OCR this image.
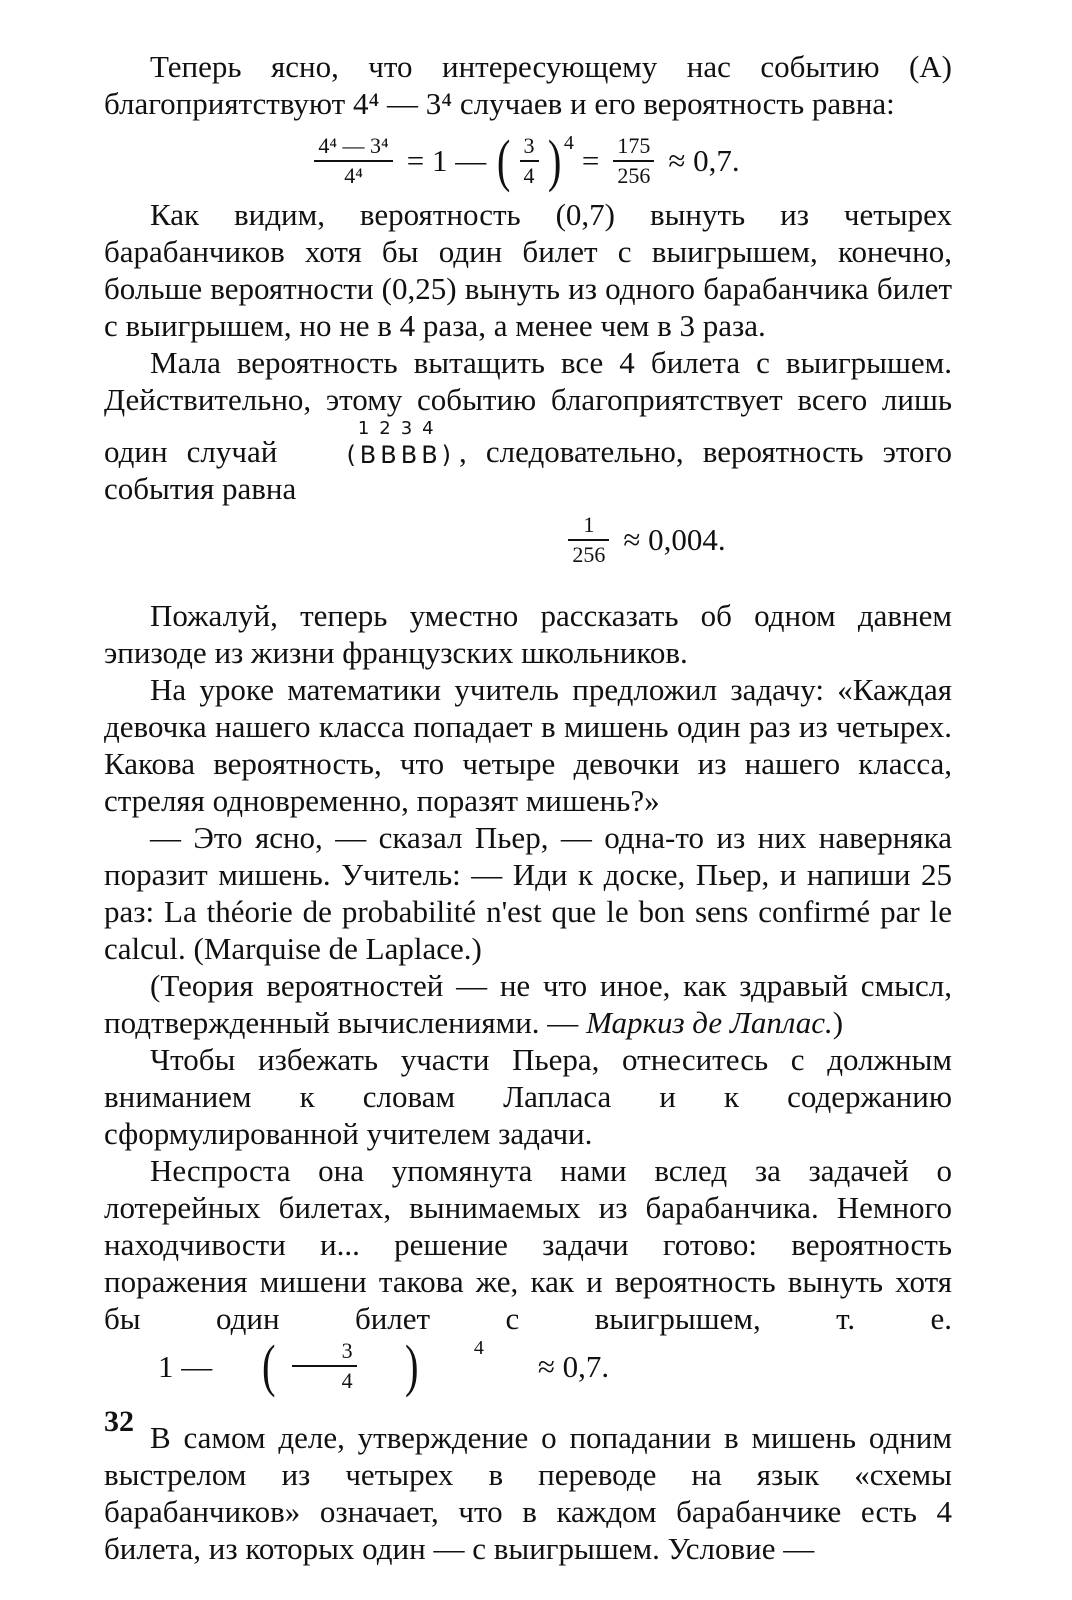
Теперь ясно, что интересующему нас событию (A) благоприятствуют 4⁴ — 3⁴ случаев и его вероятность равна:

$\frac{\text{4⁴ — 3⁴}}{\text{4⁴}} = 1$ — ( $\frac{3}{4}$ ) 4
= $\frac{175}{256} \approx 0,7$.

Как видим, вероятность (0,7) вынуть из четырех барабанчиков хотя бы один билет с выигрышем, конечно, больше вероятности (0,25) вынуть из одного барабанчика билет с выигрышем, но не в 4 раза, а менее чем в 3 раза.

Мала вероятность вытащить все 4 билета с выигрышем. Действительно, этому событию благоприятствует всего лишь один случай
1234
(BBBB) , следовательно, вероятность этого события равна

$\frac{1}{256} \approx 0,004$.

Пожалуй, теперь уместно рассказать об одном давнем эпизоде из жизни французских школьников.

На уроке математики учитель предложил задачу: «Каждая девочка нашего класса попадает в мишень один раз из четырех. Какова вероятность, что четыре девочки из нашего класса, стреляя одновременно, поразят мишень?»

— Это ясно, — сказал Пьер, — одна-то из них наверняка поразит мишень. Учитель: — Иди к доске, Пьер, и напиши 25 раз: La théorie de probabilité n'est que le bon sens confirmé par le calcul. (Marquise de Laplace.)

(Теория вероятностей — не что иное, как здравый смысл, подтвержденный вычислениями. — Маркиз де Лаплас.)

Чтобы избежать участи Пьера, отнеситесь с должным вниманием к словам Лапласа и к содержанию сформулированной учителем задачи.

Неспроста она упомянута нами вслед за задачей о лотерейных билетах, вынимаемых из барабанчика. Немного находчивости и... решение задачи готово: вероятность поражения мишени такова же, как и вероятность вынуть хотя бы один билет с выигрышем, т. е.
1 — ( $\frac{3}{4}$ )	4
≈ 0,7.

В самом деле, утверждение о попадании в мишень одним выстрелом из четырех в переводе на язык «схемы барабанчиков» означает, что в каждом барабанчике есть 4 билета, из которых один — с выигрышем. Условие —

32
